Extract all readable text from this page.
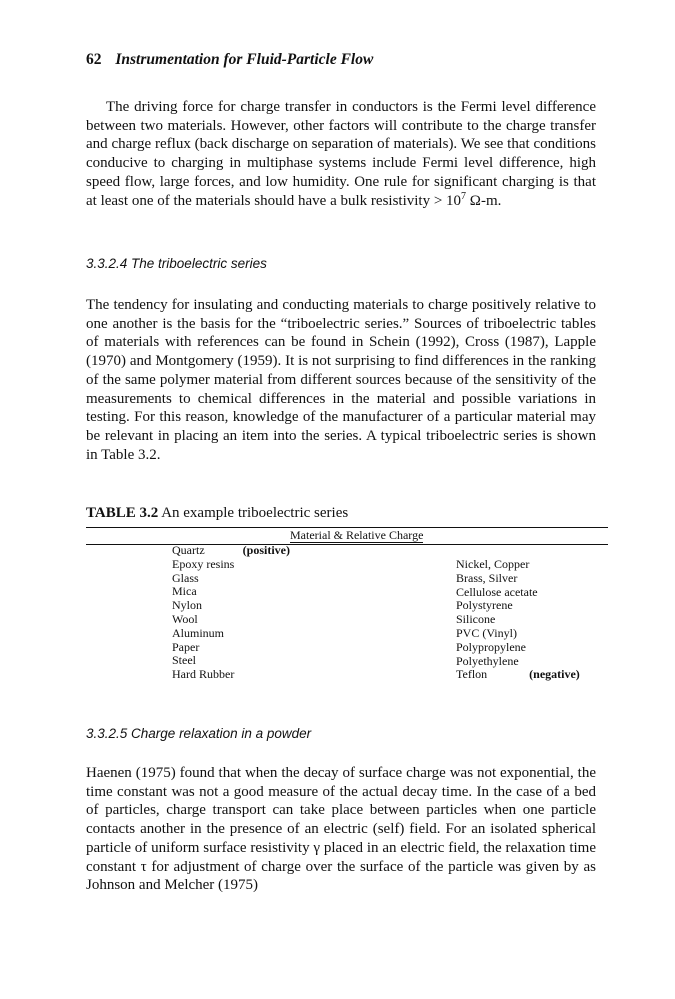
62 Instrumentation for Fluid-Particle Flow

The driving force for charge transfer in conductors is the Fermi level difference between two materials. However, other factors will contribute to the charge transfer and charge reflux (back discharge on separation of materials). We see that conditions conducive to charging in multiphase systems include Fermi level difference, high speed flow, large forces, and low humidity. One rule for significant charging is that at least one of the materials should have a bulk resistivity > $10^7$ Ω-m.

3.3.2.4 The triboelectric series

The tendency for insulating and conducting materials to charge positively relative to one another is the basis for the “triboelectric series.” Sources of triboelectric tables of materials with references can be found in Schein (1992), Cross (1987), Lapple (1970) and Montgomery (1959). It is not surprising to find differences in the ranking of the same polymer material from different sources because of the sensitivity of the measurements to chemical differences in the material and possible variations in testing. For this reason, knowledge of the manufacturer of a particular material may be relevant in placing an item into the series. A typical triboelectric series is shown in Table 3.2.

TABLE 3.2 An example triboelectric series
Material & Relative Charge
Quartz	(positive)
Epoxy resins
Glass
Mica
Nylon
Wool
Aluminum
Paper
Steel
Hard Rubber
Nickel, Copper
Brass, Silver
Cellulose acetate
Polystyrene
Silicone
PVC (Vinyl)
Polypropylene
Polyethylene
Teflon	(negative)
3.3.2.5 Charge relaxation in a powder

Haenen (1975) found that when the decay of surface charge was not exponential, the time constant was not a good measure of the actual decay time. In the case of a bed of particles, charge transport can take place between particles when one particle contacts another in the presence of an electric (self) field. For an isolated spherical particle of uniform surface resistivity γ placed in an electric field, the relaxation time constant τ for adjustment of charge over the surface of the particle was given by as Johnson and Melcher (1975)
